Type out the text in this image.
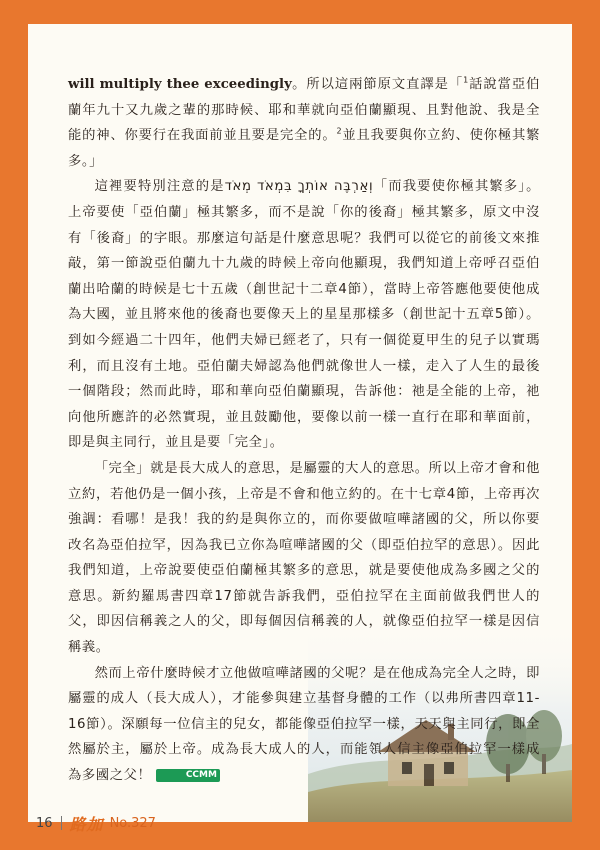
will multiply thee exceedingly。所以這兩節原文直譯是「$^1$話說當亞伯蘭年九十又九歲之輩的那時候、耶和華就向亞伯蘭顯現、且對他說、我是全能的神、你要行在我面前並且要是完全的。$^2$並且我要與你立約、使你極其繁多。」

這裡要特別注意的是וְאַרְבֶּה אוֹתְךָ בִּמְאֹד מְאֹד「而我要使你極其繁多」。上帝要使「亞伯蘭」極其繁多，而不是說「你的後裔」極其繁多，原文中沒有「後裔」的字眼。那麼這句話是什麼意思呢？我們可以從它的前後文來推敲，第一節說亞伯蘭九十九歲的時候上帝向他顯現，我們知道上帝呼召亞伯蘭出哈蘭的時候是七十五歲（創世記十二章4節），當時上帝答應他要使他成為大國，並且將來他的後裔也要像天上的星星那樣多（創世記十五章5節）。到如今經過二十四年，他們夫婦已經老了，只有一個從夏甲生的兒子以實瑪利，而且沒有土地。亞伯蘭夫婦認為他們就像世人一樣，走入了人生的最後一個階段；然而此時，耶和華向亞伯蘭顯現，告訴他：祂是全能的上帝，祂向他所應許的必然實現，並且鼓勵他，要像以前一樣一直行在耶和華面前，即是與主同行，並且是要「完全」。

「完全」就是長大成人的意思，是屬靈的大人的意思。所以上帝才會和他立約，若他仍是一個小孩，上帝是不會和他立約的。在十七章4節，上帝再次強調：看哪！是我！我的約是與你立的，而你要做喧嘩諸國的父，所以你要改名為亞伯拉罕，因為我已立你為喧嘩諸國的父（即亞伯拉罕的意思）。因此我們知道，上帝說要使亞伯蘭極其繁多的意思，就是要使他成為多國之父的意思。新約羅馬書四章17節就告訴我們，亞伯拉罕在主面前做我們世人的父，即因信稱義之人的父，即每個因信稱義的人，就像亞伯拉罕一樣是因信稱義。

然而上帝什麼時候才立他做喧嘩諸國的父呢？是在他成為完全人之時，即屬靈的成人（長大成人），才能參與建立基督身體的工作（以弗所書四章11-16節）。深願每一位信主的兒女，都能像亞伯拉罕一樣，天天與主同行，即全然屬於主，屬於上帝。成為長大成人的人，而能領人信主像亞伯拉罕一樣成為多國之父！	CCMM

16 路加 No.327
